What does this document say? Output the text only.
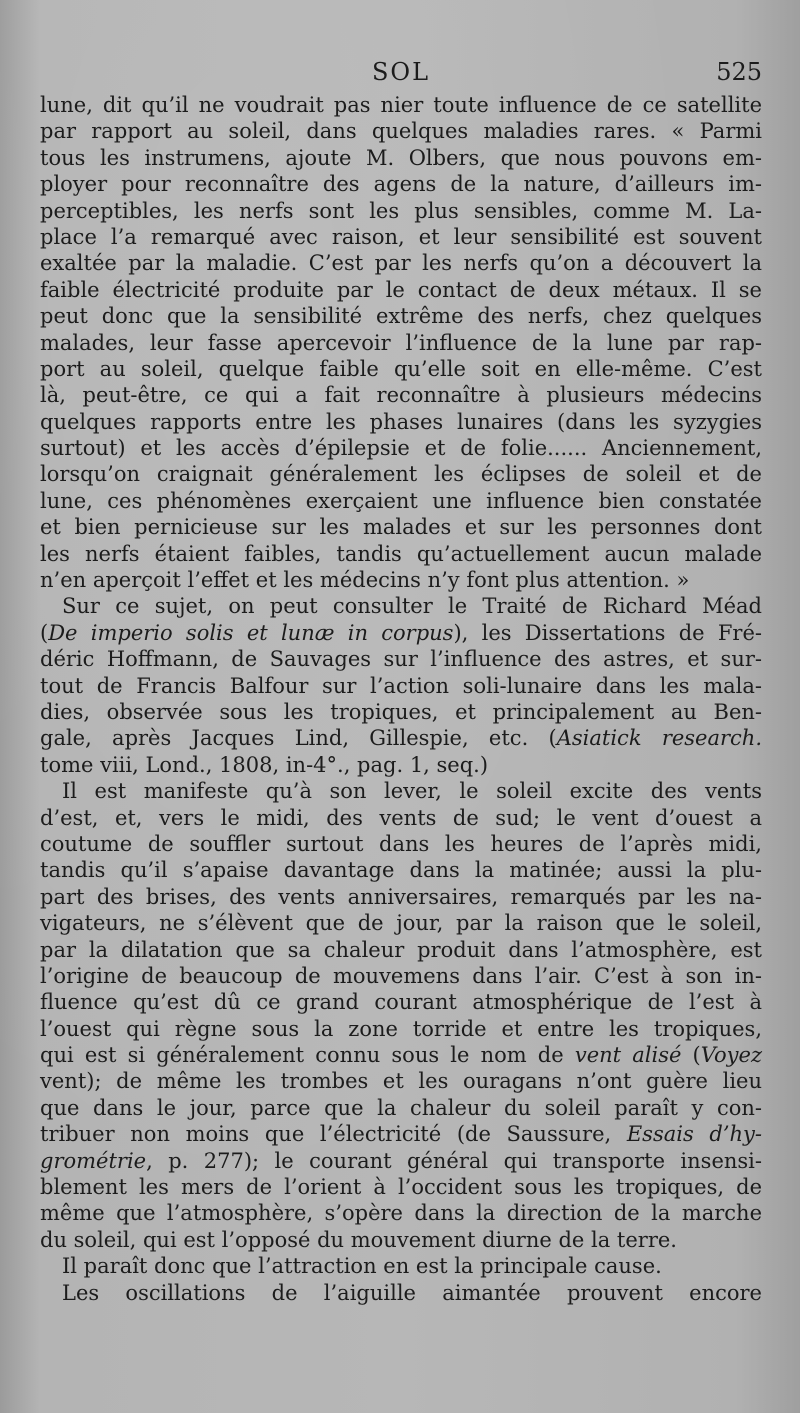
SOL	525
lune, dit qu’il ne voudrait pas nier toute influence de ce satellite
par rapport au soleil, dans quelques maladies rares. « Parmi
tous les instrumens, ajoute M. Olbers, que nous pouvons em-
ployer pour reconnaître des agens de la nature, d’ailleurs im-
perceptibles, les nerfs sont les plus sensibles, comme M. La-
place l’a remarqué avec raison, et leur sensibilité est souvent
exaltée par la maladie. C’est par les nerfs qu’on a découvert la
faible électricité produite par le contact de deux métaux. Il se
peut donc que la sensibilité extrême des nerfs, chez quelques
malades, leur fasse apercevoir l’influence de la lune par rap-
port au soleil, quelque faible qu’elle soit en elle-même. C’est
là, peut-être, ce qui a fait reconnaître à plusieurs médecins
quelques rapports entre les phases lunaires (dans les syzygies
surtout) et les accès d’épilepsie et de folie...... Anciennement,
lorsqu’on craignait généralement les éclipses de soleil et de
lune, ces phénomènes exerçaient une influence bien constatée
et bien pernicieuse sur les malades et sur les personnes dont
les nerfs étaient faibles, tandis qu’actuellement aucun malade
n’en aperçoit l’effet et les médecins n’y font plus attention. »
Sur ce sujet, on peut consulter le Traité de Richard Méad
(De imperio solis et lunæ in corpus), les Dissertations de Fré-
déric Hoffmann, de Sauvages sur l’influence des astres, et sur-
tout de Francis Balfour sur l’action soli-lunaire dans les mala-
dies, observée sous les tropiques, et principalement au Ben-
gale, après Jacques Lind, Gillespie, etc. (Asiatick research.
tome viii, Lond., 1808, in-4°., pag. 1, seq.)
Il est manifeste qu’à son lever, le soleil excite des vents
d’est, et, vers le midi, des vents de sud; le vent d’ouest a
coutume de souffler surtout dans les heures de l’après midi,
tandis qu’il s’apaise davantage dans la matinée; aussi la plu-
part des brises, des vents anniversaires, remarqués par les na-
vigateurs, ne s’élèvent que de jour, par la raison que le soleil,
par la dilatation que sa chaleur produit dans l’atmosphère, est
l’origine de beaucoup de mouvemens dans l’air. C’est à son in-
fluence qu’est dû ce grand courant atmosphérique de l’est à
l’ouest qui règne sous la zone torride et entre les tropiques,
qui est si généralement connu sous le nom de vent alisé (Voyez
vent); de même les trombes et les ouragans n’ont guère lieu
que dans le jour, parce que la chaleur du soleil paraît y con-
tribuer non moins que l’électricité (de Saussure, Essais d’hy-
grométrie, p. 277); le courant général qui transporte insensi-
blement les mers de l’orient à l’occident sous les tropiques, de
même que l’atmosphère, s’opère dans la direction de la marche
du soleil, qui est l’opposé du mouvement diurne de la terre.
Il paraît donc que l’attraction en est la principale cause.
Les oscillations de l’aiguille aimantée prouvent encore
